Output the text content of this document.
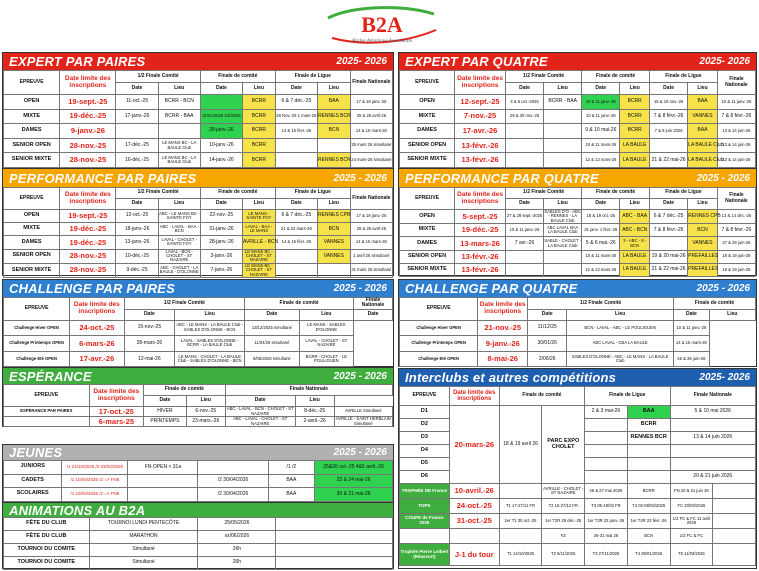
B2A
Bridge Atlantique Association
EXPERT PAR PAIRES	2025- 2026
EPREUVE	Date limite des inscriptions	1/2 Finale Comité		Finale de comité		Finale de Ligue		Finale Nationale
		Date	Lieu	Date	Lieu	Date	Lieu	
OPEN	19-sept.-25	11-oct.-25	BCRR - BCN		BCRR	6 & 7 déc.-25	BAA	17 & 18 janv.-26
MIXTE	19-déc.-25	17-janv.-26	BCRR - BAA	31/01/2026 1/2/2026	BCRR	28 Nov.-26 1 mars-26	RENNES BCR	25 & 26 avril-26
DAMES	9-janv.-26			28-janv.-26	BCRR	14 & 15 févr.-26	BCN	14 & 15 mars-26
SENIOR OPEN	28-nov.-25	17-déc.-25	LE MANS BC - LA BAULE Club	10-janv.-26	BCRR			25 mars 26 simultané
SENIOR MIXTE	28-nov.-25	16-déc.-25	LE MANS BC - LA BAULE Club	14-janv.-26	BCRR		RENNES BCR	24 mars-26 simultané
EXPERT PAR QUATRE	2025- 2026
EPREUVE	Date limite des inscriptions	1/2 Finale Comité		Finale de comité		Finale de Ligue		Finale Nationale
		Date	Lieu	Date	Lieu	Date	Lieu	
OPEN	12-sept.-25	4 & 5 oct.-2025	BCRR - BAA	10 & 11 janv.-26	BCRR	15 & 16 nov.-25	BAA	10 & 11 janv.-26
MIXTE	7-nov.-25	29 & 30 nov.-25		10 & 11 janv.-26	BCRR	7 & 8 févr.-26	VANNES	7 & 8 févr.-26
DAMES	17-avr.-26			9 & 10 mai-26	BCRR	7 & 8 juin 2026	BAA	13 & 14 juin-26
SENIOR OPEN	13-févr.-26			10 & 11 mars-26	LA BAULE		LA BAULE Club	13 & 14 juin-26
SENIOR MIXTE	13-févr.-26			12 & 13 mars-26	LA BAULE	21 & 22 mai-26	LA BAULE Club	13 & 14 juin-26
PERFORMANCE PAR PAIRES	2025 - 2026
EPREUVE	Date limite des inscriptions	1/2 Finale Comité		Finale de comité		Finale de Ligue		Finale Nationale
		Date	Lieu	Date	Lieu	Date	Lieu	
OPEN	19-sept.-25	12-oct.-25	ABC - LE MANS BC - SAINTE FOY	22-nov.-25	LE MANS - SAINTE FOY	6 & 7 déc.-25	RENNES CPB	17 & 18 janv.-26
MIXTE	19-déc.-25	18-janv.-26	ABC - LAVAL - BAA - BCN	31-janv.-26	LAVAL - BAA - LE MANS	21 & 22 mars-26	BCN	25 & 26 avril-26
DAMES	19-déc.-25	13-janv.-26	LAVAL - CHOLET - SAINTE FOY	28-janv.-26	AVRILLE - BCN	14 & 15 févr.-26	VANNES	14 & 15 mars-26
SENIOR OPEN	28-nov.-25	10-déc.-25	LAVAL - BCN - CHOLET - ST NAZAIRE	3-janv.-26	LE MANS BC - CHOLET - ST NAZAIRE		VANNES	1 avril 26 simultané
SENIOR MIXTE	28-nov.-25	9-déc.-25	ABC - CHOLET - LA BAULE - D'OLONNE	7-janv.-26	LE MANS BC - CHOLET - ST NAZAIRE			31 mars 26 simultané
PERFORMANCE PAR QUATRE	2025 - 2026
EPREUVE	Date limite des inscriptions	1/2 Finale Comité		Finale de comité		Finale de Ligue		Finale Nationale
		Date	Lieu	Date	Lieu	Date	Lieu	
OPEN	5-sept.-25	27 & 28 sept.-2025	SABLES D'O - ABC - RENNES - LA BAULE Club	18 & 19 oct.-25	ABC - BAA	6 & 7 déc.-25	RENNES CPB	13 & 14 déc.-25
MIXTE	19-déc.-25	10 & 11 janv.-26	ABC LAVAL BAA LA BAULE Club	31 janv. 1 févr.-26	ABC - BCN	7 & 8 févr.-26	BCN	7 & 8 févr.-26
DAMES	13-mars-26	7 avr.-26	SABLE - CHOLET - LA BAULE Club	5 & 6 mai.-26	3 - ABC - 6 - BCN		VANNES	27 & 28 juin-26
SENIOR OPEN	13-févr.-26			10 & 11 mars-26	LA BAULE	19 & 20 mai-26	PREFAILLES	18 & 19 juin-26
SENIOR MIXTE	13-févr.-26			12 & 13 mars-26	LA BAULE	21 & 22 mai-26	PREFAILLES	18 & 19 juin-26
CHALLENGE PAR PAIRES	2025 - 2026
EPREUVE	Date limite des inscriptions	1/2 Finale Comité		Finale de comité		Finale Nationale
		Date	Lieu	Date	Lieu	Date
Challenge Hiver OPEN	24-oct.-25	15-nov.-25	ABC - LE MANS - LA BAULE Club - SABLES D'OLONNE - BCN	13/12/2025 simultané	LE MANS - SABLES D'OLONNE	
Challenge Printemps OPEN	6-mars-26	28-mars-26	LAVAL - SABLES D'OLONNE - BCRR - LA BAULE Club	11/04/26 simultané	LAVAL - CHOLET - ST NAZAIRE	
Challenge Eté OPEN	17-avr.-26	12-mai-26	LE MANS - CHOLET - LA BAULE Club - SABLES D'OLONNE - BCN	6/06/2026 simultané	BCRR - CHOLET - LE POULIGUEN	
CHALLENGE PAR QUATRE	2025 - 2026
EPREUVE	Date limite des inscriptions	1/2 Finale Comité		Finale de comité	
		Date	Lieu	Date	Lieu	
Challenge Hiver OPEN	21-nov.-25	11/12/25	BCN - LAVAL - ABC - LE POULIGUEN	10 & 11 janv.-26		
Challenge Printemps OPEN	9-janv.-26	30/01/26	ABC LAVAL - CBA LA BAULE	14 & 15 mars-26		
Challenge Eté OPEN	8-mai-26	2/06/26	SABLES D'OLONNE - ABC - LE MANS - LA BAULE Club	25 & 26 juin-26		
ESPÉRANCE	2025 - 2026
EPREUVE	Date limite des inscriptions	Finale de comité		Finale Nationale		
		Date	Lieu	Date	Lieu	
ESPÉRANCE PAR PAIRES	17-oct.-25	HIVER	6-nov.-25	ABC - LAVAL - BCN - CHOLET - ST NAZAIRE	8-déc.-25	AVRILLE Simultané
	6-mars-25	PRINTEMPS	23-mars.-26	ABC - LAVAL - CHOLET - ST NAZAIRE	2-avril.-26	AVRILLE - SAINT HERBLAIN Simultané
JEUNES	2025 - 2026
JUNIORS	/1 24/10/2025 /2 03/04/2026	FN OPEN < 31a		/1 /2	25&26 oct.-25 4&5 avril.-26
CADETS	/1 10/04/2026 /2 => FN8		/2 30/04/2026	BAA	23 & 24 mai-26
SCOLAIRES	/1 10/04/2026 /2 => FN8		/2 30/04/2026	BAA	30 & 31 mai-26
ANIMATIONS AU B2A
FÊTE DU CLUB	TOURNOI LUNDI PENTECÔTE	25/05/2026	
FÊTE DU CLUB	MARATHON	xx/06/2026	
TOURNOI DU COMITE	Simultané	26h	
TOURNOI DU COMITE	Simultané	26h	
Interclubs et autres compétitions	2025- 2026
EPREUVE	Date limite des inscriptions	Finale de comité		Finale de Ligue		Finale Nationale	
D1	20-mars-26	18 & 19 avril 26	PARC EXPO CHOLET	2 & 3 mai-26	BAA	5 & 10 mai 2026	
D2					BCRR		
D3					RENNES BCR	13 & 14 juin 2026	
D4							
D5							
D6						20 & 21 juin 2026	
TROPHÉE DE France	10-avril.-26		AVRILLE - CHOLET - ST NAZAIRE	26 & 27 mai 2026	BCRR	FN 20 & 21 juin 26	
TOPS	24-oct.-25	T1 17-27/11 FR	T2 15-27/12 FR	T3 05-19/03 FR	T4 02-08/03/2026	FC 20/03/2026	
COUPE de France 2025	31-oct.-25	1er T1 30 oct.-25	1er T2R 28 déc.-25	1er T3R 23 janv.-26	1er T4R 22 févr.-26	1/2 FC & FC 11 avril 2026	
			FZ	26-31 mai 26	BCN	1/2 FC & FC	
Trophée Pierre Leibert (Réassort)	J-1 du tour	T1 14/10/2025	T2 5/11/2025	T3 27/11/2025	T4 08/01/2026	T5 11/03/2026	
